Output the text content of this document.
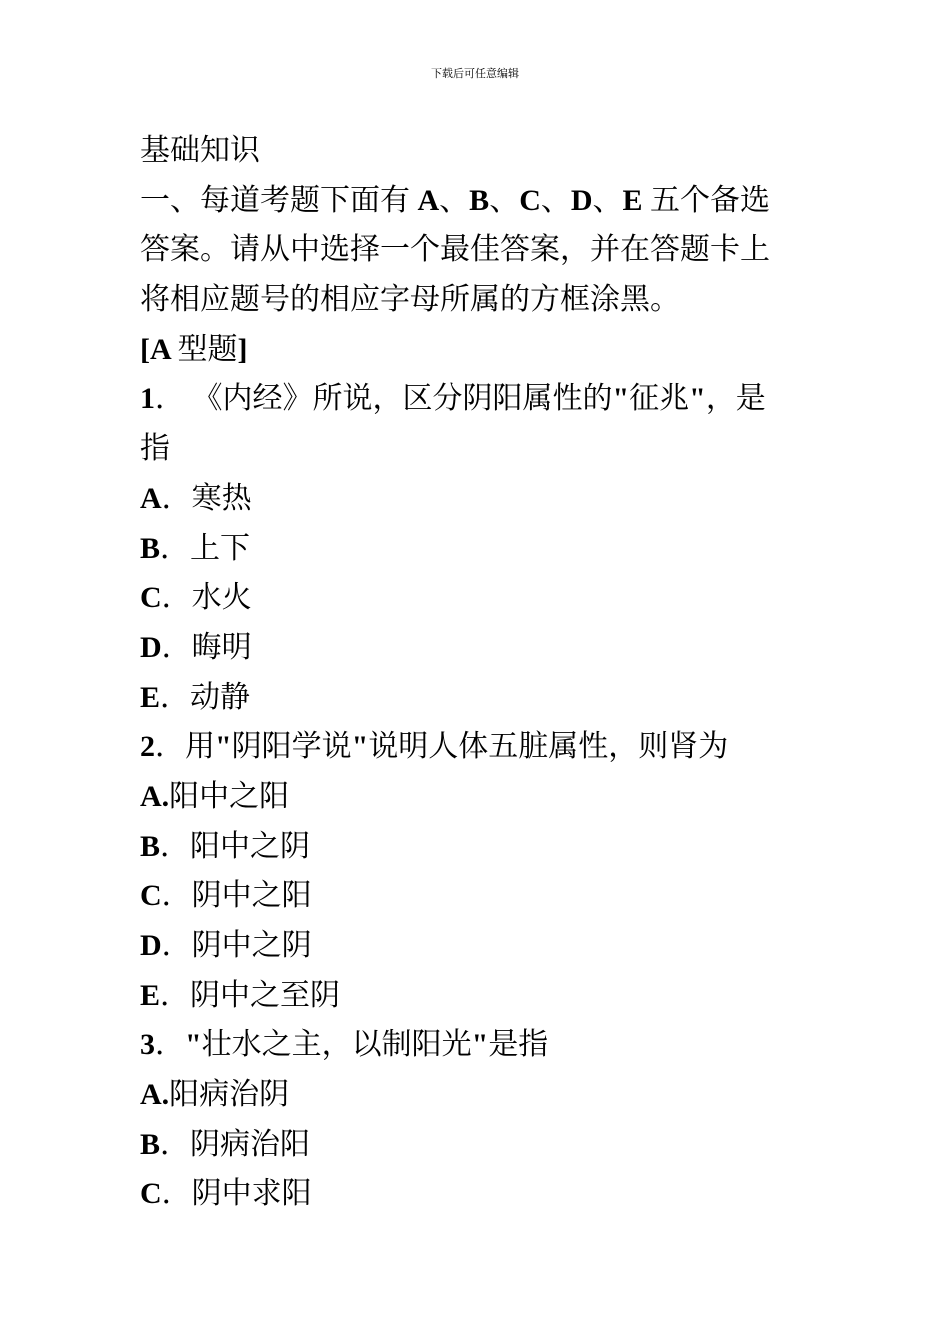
下载后可任意编辑
基础知识
一、每道考题下面有 A、B、C、D、E 五个备选
答案。请从中选择一个最佳答案，并在答题卡上
将相应题号的相应字母所属的方框涂黑。
[A 型题]
1． 《内经》所说，区分阴阳属性的"征兆"，是
指
A．寒热
B．上下
C．水火
D．晦明
E．动静
2．用"阴阳学说"说明人体五脏属性，则肾为
A.阳中之阳
B．阳中之阴
C．阴中之阳
D．阴中之阴
E．阴中之至阴
3．"壮水之主，以制阳光"是指
A.阳病治阴
B．阴病治阳
C．阴中求阳
